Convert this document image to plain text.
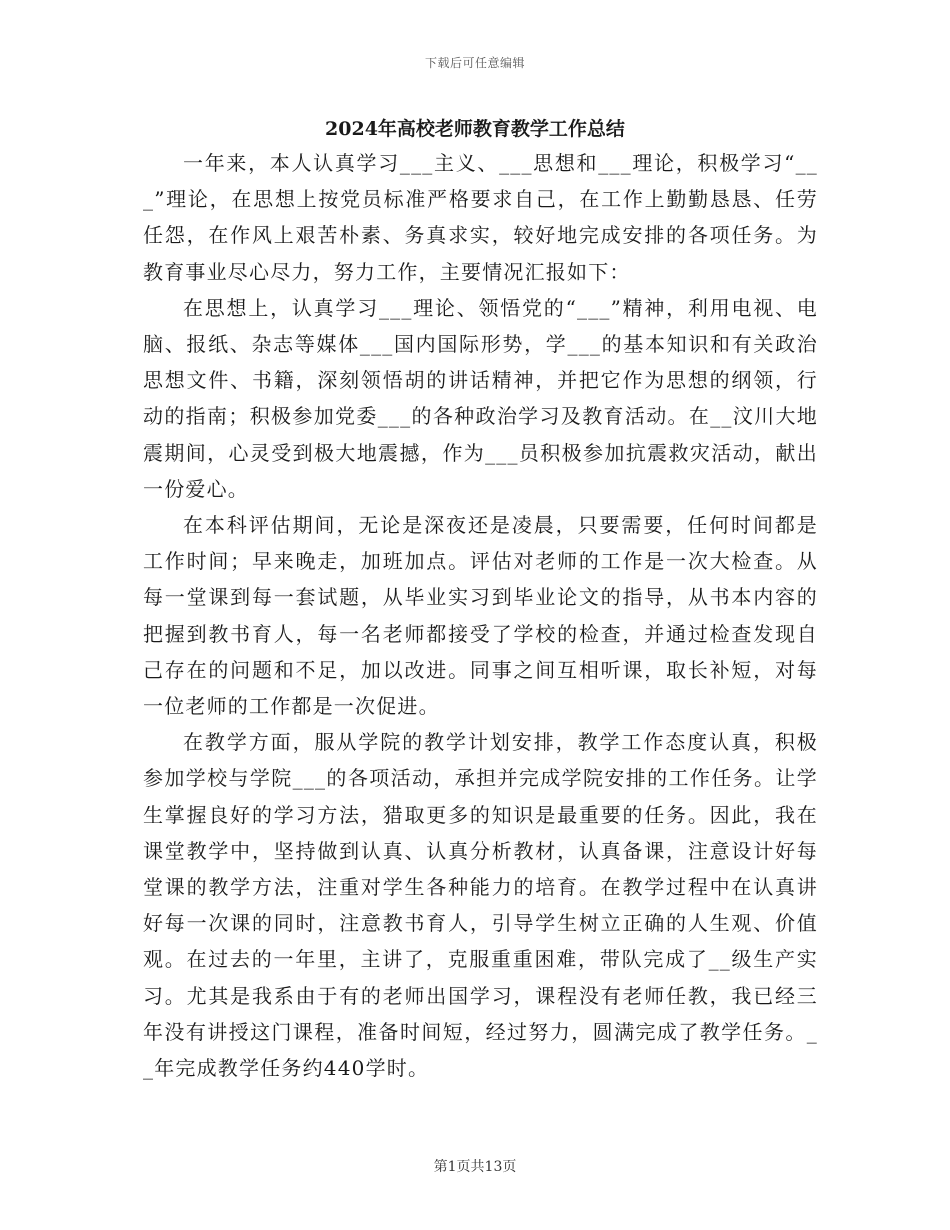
下载后可任意编辑
2024年高校老师教育教学工作总结

一年来，本人认真学习___主义、___思想和___理论，积极学习“___”理论，在思想上按党员标准严格要求自己，在工作上勤勤恳恳、任劳任怨，在作风上艰苦朴素、务真求实，较好地完成安排的各项任务。为教育事业尽心尽力，努力工作，主要情况汇报如下：

在思想上，认真学习___理论、领悟党的“___”精神，利用电视、电脑、报纸、杂志等媒体___国内国际形势，学___的基本知识和有关政治思想文件、书籍，深刻领悟胡的讲话精神，并把它作为思想的纲领，行动的指南；积极参加党委___的各种政治学习及教育活动。在__汶川大地震期间，心灵受到极大地震撼，作为___员积极参加抗震救灾活动，献出一份爱心。

在本科评估期间，无论是深夜还是凌晨，只要需要，任何时间都是工作时间；早来晚走，加班加点。评估对老师的工作是一次大检查。从每一堂课到每一套试题，从毕业实习到毕业论文的指导，从书本内容的把握到教书育人，每一名老师都接受了学校的检查，并通过检查发现自己存在的问题和不足，加以改进。同事之间互相听课，取长补短，对每一位老师的工作都是一次促进。

在教学方面，服从学院的教学计划安排，教学工作态度认真，积极参加学校与学院___的各项活动，承担并完成学院安排的工作任务。让学生掌握良好的学习方法，猎取更多的知识是最重要的任务。因此，我在课堂教学中，坚持做到认真、认真分析教材，认真备课，注意设计好每堂课的教学方法，注重对学生各种能力的培育。在教学过程中在认真讲好每一次课的同时，注意教书育人，引导学生树立正确的人生观、价值观。在过去的一年里，主讲了，克服重重困难，带队完成了__级生产实习。尤其是我系由于有的老师出国学习，课程没有老师任教，我已经三年没有讲授这门课程，准备时间短，经过努力，圆满完成了教学任务。__年完成教学任务约440学时。

第1页共13页
